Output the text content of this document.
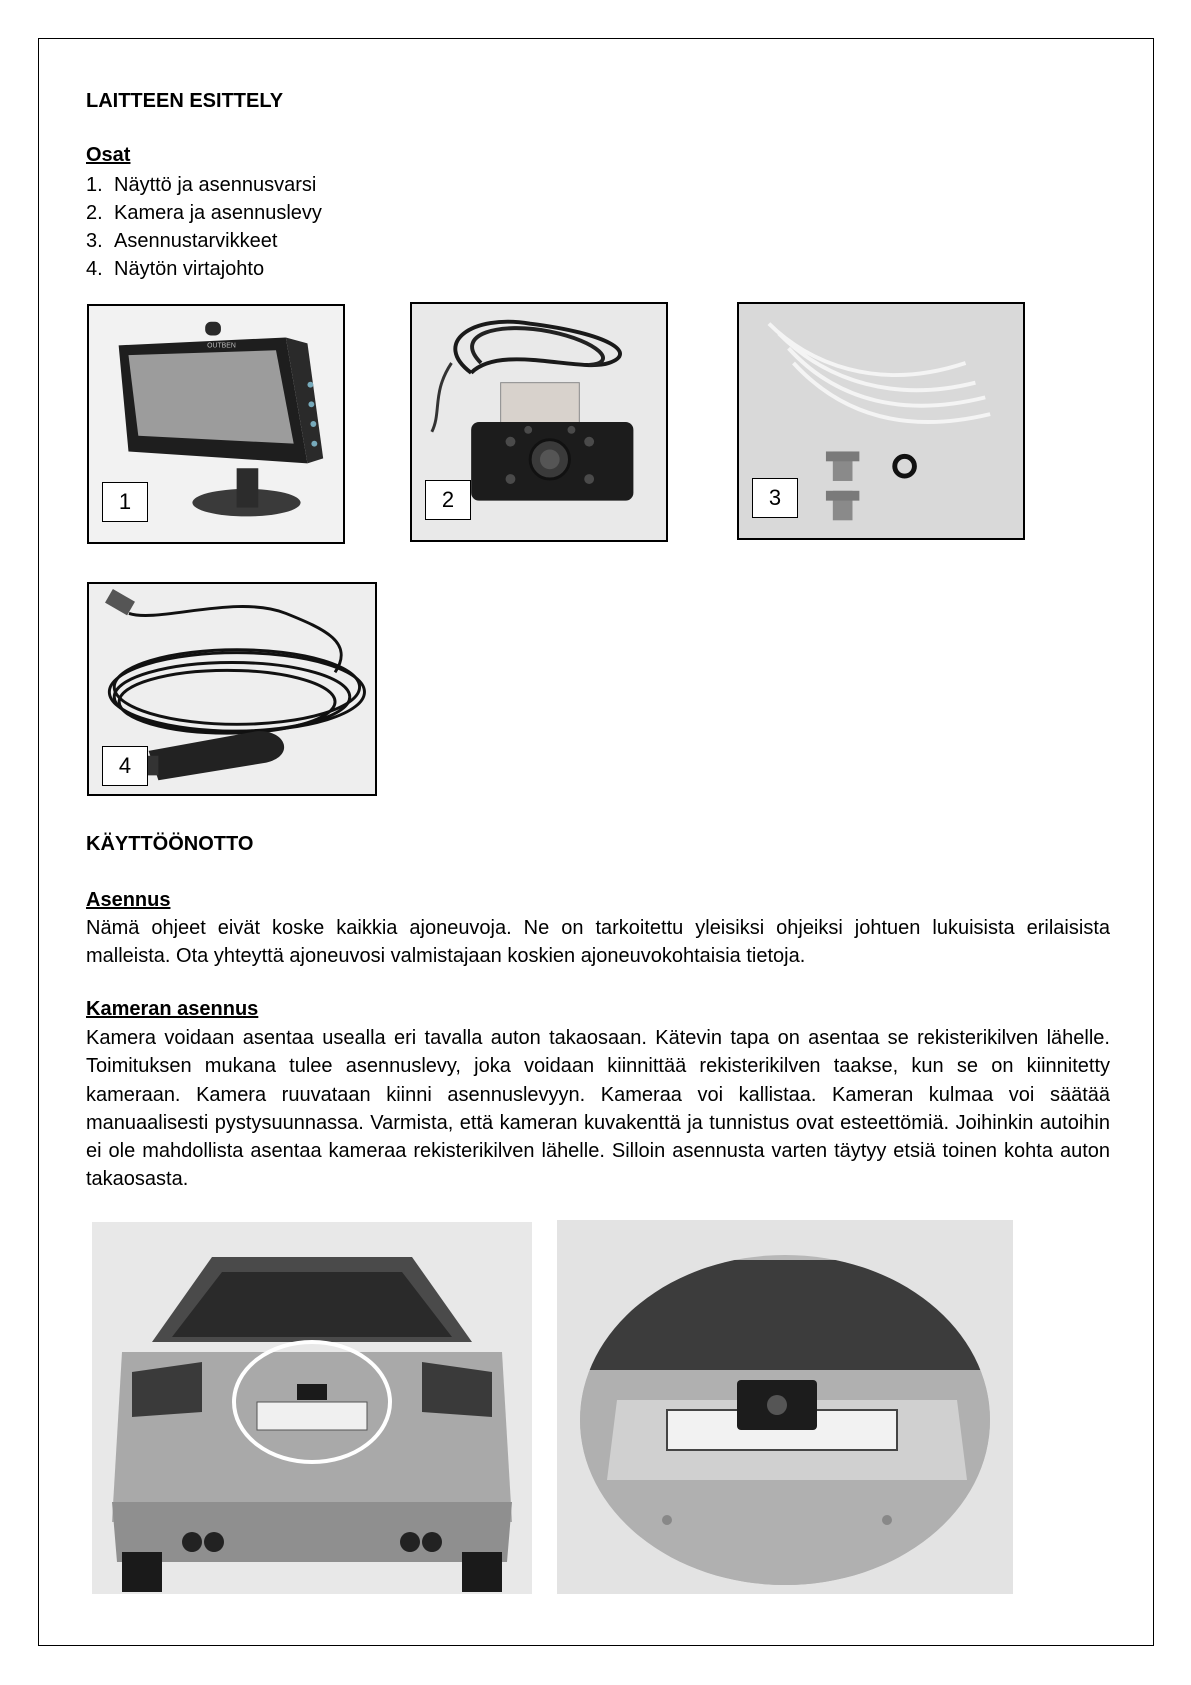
LAITTEEN ESITTELY
Osat
1. Näyttö ja asennusvarsi
2. Kamera ja asennuslevy
3. Asennustarvikkeet
4. Näytön virtajohto
OUTBEN
1	2	3
4
KÄYTTÖÖNOTTO
Asennus

Nämä ohjeet eivät koske kaikkia ajoneuvoja. Ne on tarkoitettu yleisiksi ohjeiksi johtuen lukuisista erilaisista malleista. Ota yhteyttä ajoneuvosi valmistajaan koskien ajoneuvokohtaisia tietoja.

Kameran asennus

Kamera voidaan asentaa usealla eri tavalla auton takaosaan. Kätevin tapa on asentaa se rekisterikilven lähelle. Toimituksen mukana tulee asennuslevy, joka voidaan kiinnittää rekisterikilven taakse, kun se on kiinnitetty kameraan. Kamera ruuvataan kiinni asennuslevyyn. Kameraa voi kallistaa. Kameran kulmaa voi säätää manuaalisesti pystysuunnassa. Varmista, että kameran kuvakenttä ja tunnistus ovat esteettömiä. Joihinkin autoihin ei ole mahdollista asentaa kameraa rekisterikilven lähelle. Silloin asennusta varten täytyy etsiä toinen kohta auton takaosasta.
